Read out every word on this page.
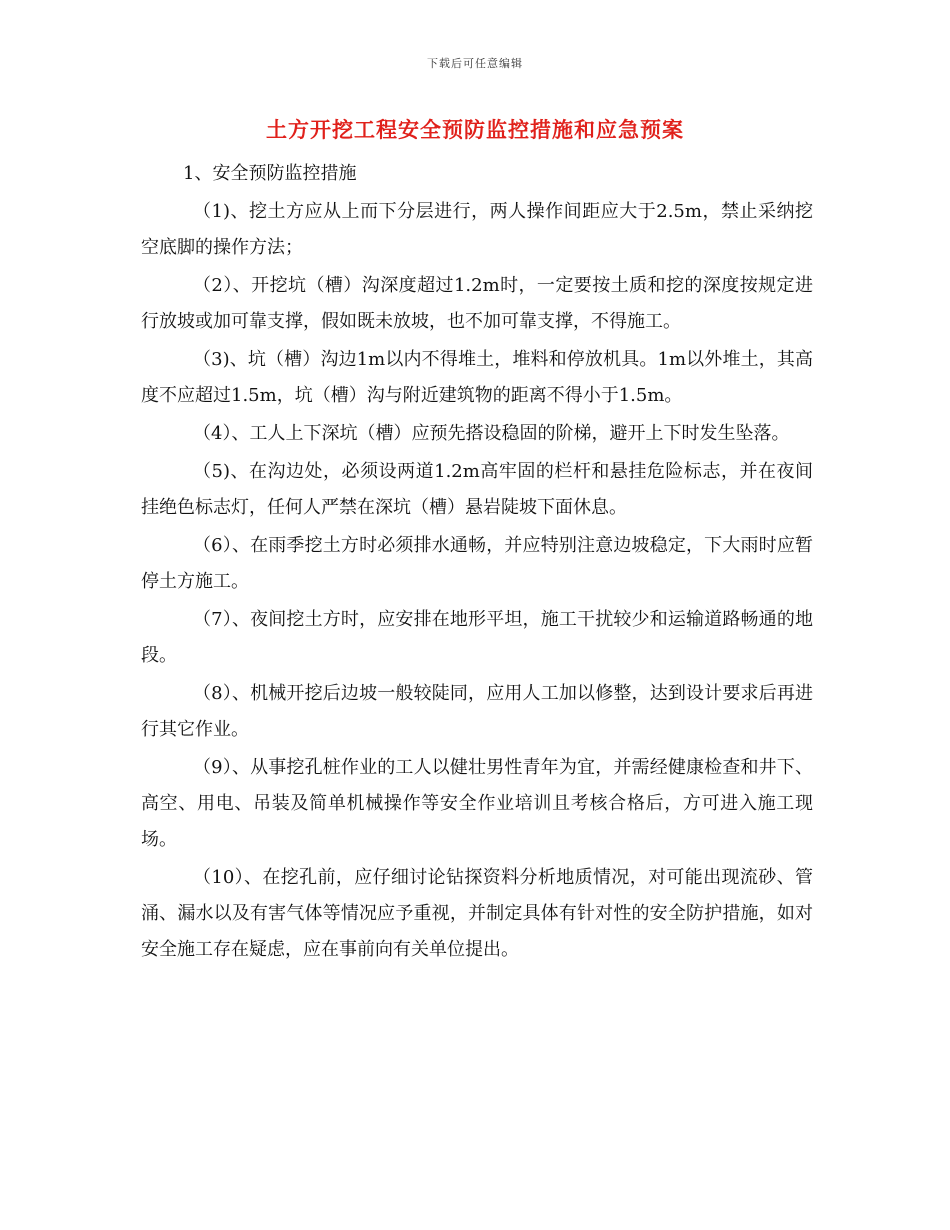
下载后可任意编辑
土方开挖工程安全预防监控措施和应急预案

1、安全预防监控措施

（1)、挖土方应从上而下分层进行，两人操作间距应大于2.5m，禁止采纳挖空底脚的操作方法；

（2）、开挖坑（槽）沟深度超过1.2m时，一定要按土质和挖的深度按规定进行放坡或加可靠支撑，假如既未放坡，也不加可靠支撑，不得施工。

（3)、坑（槽）沟边1m以内不得堆土，堆料和停放机具。1m以外堆土，其高度不应超过1.5m，坑（槽）沟与附近建筑物的距离不得小于1.5m。

（4）、工人上下深坑（槽）应预先搭设稳固的阶梯，避开上下时发生坠落。

（5)、在沟边处，必须设两道1.2m高牢固的栏杆和悬挂危险标志，并在夜间挂绝色标志灯，任何人严禁在深坑（槽）悬岩陡坡下面休息。

（6）、在雨季挖土方时必须排水通畅，并应特别注意边坡稳定，下大雨时应暂停土方施工。

（7）、夜间挖土方时，应安排在地形平坦，施工干扰较少和运输道路畅通的地段。

（8）、机械开挖后边坡一般较陡同，应用人工加以修整，达到设计要求后再进行其它作业。

（9）、从事挖孔桩作业的工人以健壮男性青年为宜，并需经健康检查和井下、高空、用电、吊装及简单机械操作等安全作业培训且考核合格后，方可进入施工现场。

（10）、在挖孔前，应仔细讨论钻探资料分析地质情况，对可能出现流砂、管涌、漏水以及有害气体等情况应予重视，并制定具体有针对性的安全防护措施，如对安全施工存在疑虑，应在事前向有关单位提出。
